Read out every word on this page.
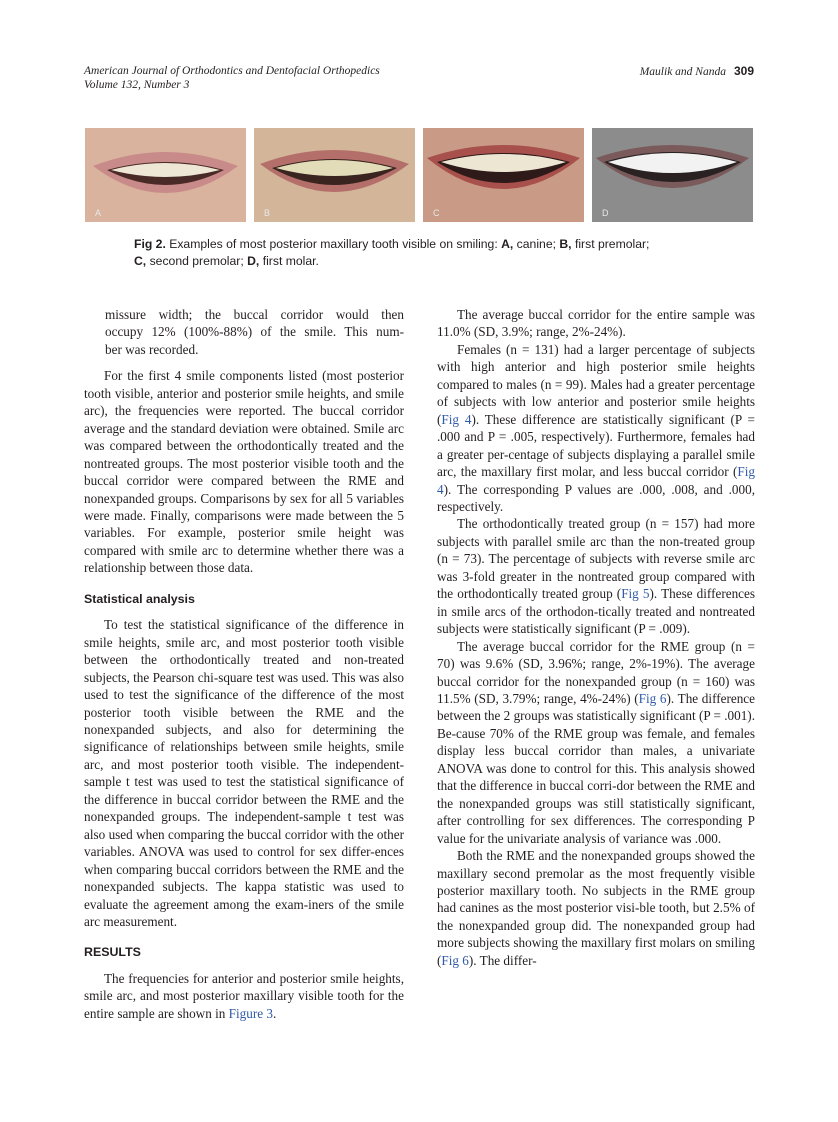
American Journal of Orthodontics and Dentofacial Orthopedics
Volume 132, Number 3
Maulik and Nanda 309
A	B	C	D
Fig 2. Examples of most posterior maxillary tooth visible on smiling: A, canine; B, first premolar;
C, second premolar; D, first molar.
missure width; the buccal corridor would then
occupy 12% (100%-88%) of the smile. This num-
ber was recorded.

For the first 4 smile components listed (most posterior tooth visible, anterior and posterior smile heights, and smile arc), the frequencies were reported. The buccal corridor average and the standard deviation were obtained. Smile arc was compared between the orthodontically treated and the nontreated groups. The most posterior visible tooth and the buccal corridor were compared between the RME and nonexpanded groups. Comparisons by sex for all 5 variables were made. Finally, comparisons were made between the 5 variables. For example, posterior smile height was compared with smile arc to determine whether there was a relationship between those data.

Statistical analysis

To test the statistical significance of the difference in smile heights, smile arc, and most posterior tooth visible between the orthodontically treated and non-treated subjects, the Pearson chi-square test was used. This was also used to test the significance of the difference of the most posterior tooth visible between the RME and the nonexpanded subjects, and also for determining the significance of relationships between smile heights, smile arc, and most posterior tooth visible. The independent-sample t test was used to test the statistical significance of the difference in buccal corridor between the RME and the nonexpanded groups. The independent-sample t test was also used when comparing the buccal corridor with the other variables. ANOVA was used to control for sex differ-ences when comparing buccal corridors between the RME and the nonexpanded subjects. The kappa statistic was used to evaluate the agreement among the exam-iners of the smile arc measurement.

RESULTS

The frequencies for anterior and posterior smile heights, smile arc, and most posterior maxillary visible tooth for the entire sample are shown in Figure 3.

The average buccal corridor for the entire sample was 11.0% (SD, 3.9%; range, 2%-24%).

Females (n = 131) had a larger percentage of subjects with high anterior and high posterior smile heights compared to males (n = 99). Males had a greater percentage of subjects with low anterior and posterior smile heights (Fig 4). These difference are statistically significant (P = .000 and P = .005, respectively). Furthermore, females had a greater per-centage of subjects displaying a parallel smile arc, the maxillary first molar, and less buccal corridor (Fig 4). The corresponding P values are .000, .008, and .000, respectively.

The orthodontically treated group (n = 157) had more subjects with parallel smile arc than the non-treated group (n = 73). The percentage of subjects with reverse smile arc was 3-fold greater in the nontreated group compared with the orthodontically treated group (Fig 5). These differences in smile arcs of the orthodon-tically treated and nontreated subjects were statistically significant (P = .009).

The average buccal corridor for the RME group (n = 70) was 9.6% (SD, 3.96%; range, 2%-19%). The average buccal corridor for the nonexpanded group (n = 160) was 11.5% (SD, 3.79%; range, 4%-24%) (Fig 6). The difference between the 2 groups was statistically significant (P = .001). Be-cause 70% of the RME group was female, and females display less buccal corridor than males, a univariate ANOVA was done to control for this. This analysis showed that the difference in buccal corri-dor between the RME and the nonexpanded groups was still statistically significant, after controlling for sex differences. The corresponding P value for the univariate analysis of variance was .000.

Both the RME and the nonexpanded groups showed the maxillary second premolar as the most frequently visible posterior maxillary tooth. No subjects in the RME group had canines as the most posterior visi-ble tooth, but 2.5% of the nonexpanded group did. The nonexpanded group had more subjects showing the maxillary first molars on smiling (Fig 6). The differ-
